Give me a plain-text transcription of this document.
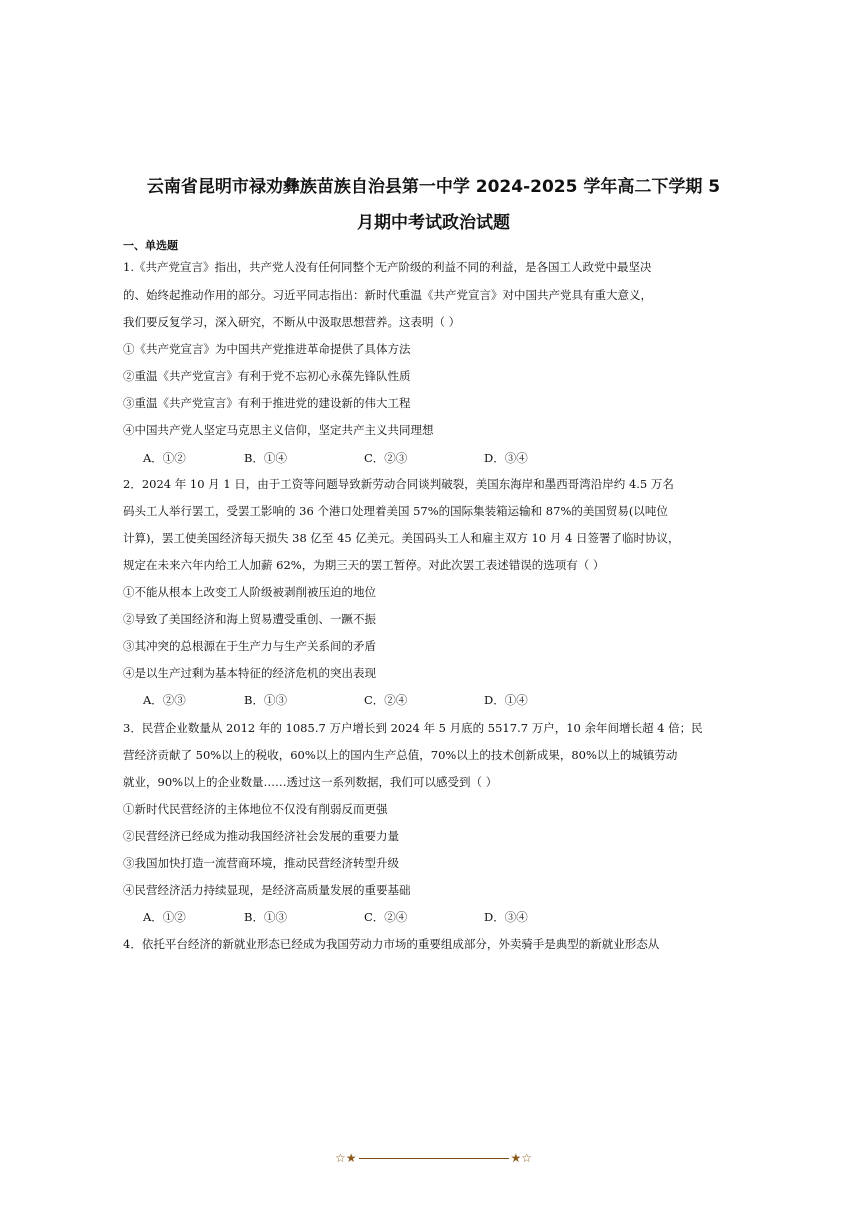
云南省昆明市禄劝彝族苗族自治县第一中学 2024-2025 学年高二下学期 5
月期中考试政治试题
一、单选题
1.《共产党宣言》指出，共产党人没有任何同整个无产阶级的利益不同的利益，是各国工人政党中最坚决
的、始终起推动作用的部分。习近平同志指出：新时代重温《共产党宣言》对中国共产党具有重大意义，
我们要反复学习，深入研究，不断从中汲取思想营养。这表明（ ）
①《共产党宣言》为中国共产党推进革命提供了具体方法
②重温《共产党宣言》有利于党不忘初心永葆先锋队性质
③重温《共产党宣言》有利于推进党的建设新的伟大工程
④中国共产党人坚定马克思主义信仰，坚定共产主义共同理想
A．①②	B．①④	C．②③	D．③④
2．2024 年 10 月 1 日，由于工资等问题导致新劳动合同谈判破裂，美国东海岸和墨西哥湾沿岸约 4.5 万名
码头工人举行罢工，受罢工影响的 36 个港口处理着美国 57%的国际集装箱运输和 87%的美国贸易(以吨位
计算)，罢工使美国经济每天损失 38 亿至 45 亿美元。美国码头工人和雇主双方 10 月 4 日签署了临时协议，
规定在未来六年内给工人加薪 62%，为期三天的罢工暂停。对此次罢工表述错误的选项有（ ）
①不能从根本上改变工人阶级被剥削被压迫的地位
②导致了美国经济和海上贸易遭受重创、一蹶不振
③其冲突的总根源在于生产力与生产关系间的矛盾
④是以生产过剩为基本特征的经济危机的突出表现
A．②③	B．①③	C．②④	D．①④
3．民营企业数量从 2012 年的 1085.7 万户增长到 2024 年 5 月底的 5517.7 万户，10 余年间增长超 4 倍；民
营经济贡献了 50%以上的税收，60%以上的国内生产总值，70%以上的技术创新成果，80%以上的城镇劳动
就业，90%以上的企业数量……透过这一系列数据，我们可以感受到（ ）
①新时代民营经济的主体地位不仅没有削弱反而更强
②民营经济已经成为推动我国经济社会发展的重要力量
③我国加快打造一流营商环境，推动民营经济转型升级
④民营经济活力持续显现，是经济高质量发展的重要基础
A．①②	B．①③	C．②④	D．③④
4．依托平台经济的新就业形态已经成为我国劳动力市场的重要组成部分，外卖骑手是典型的新就业形态从
☆★	★☆
